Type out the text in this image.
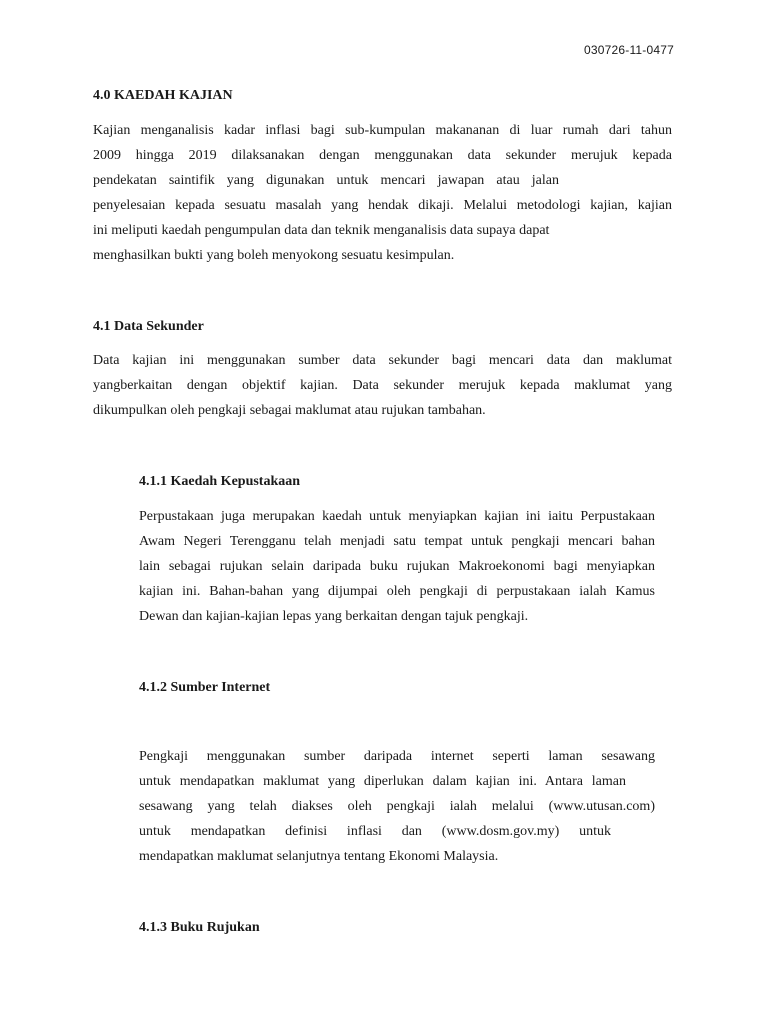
030726-11-0477
4.0 KAEDAH KAJIAN

Kajian menganalisis kadar inflasi bagi sub-kumpulan makananan di luar rumah dari tahun
2009 hingga 2019 dilaksanakan dengan menggunakan data sekunder merujuk kepada
pendekatan saintifik yang digunakan untuk mencari jawapan atau jalan
penyelesaian kepada sesuatu masalah yang hendak dikaji. Melalui metodologi kajian, kajian
ini meliputi kaedah pengumpulan data dan teknik menganalisis data supaya dapat
menghasilkan bukti yang boleh menyokong sesuatu kesimpulan.

4.1 Data Sekunder

Data kajian ini menggunakan sumber data sekunder bagi mencari data dan maklumat
yangberkaitan dengan objektif kajian. Data sekunder merujuk kepada maklumat yang
dikumpulkan oleh pengkaji sebagai maklumat atau rujukan tambahan.

4.1.1 Kaedah Kepustakaan

Perpustakaan juga merupakan kaedah untuk menyiapkan kajian ini iaitu Perpustakaan
Awam Negeri Terengganu telah menjadi satu tempat untuk pengkaji mencari bahan
lain sebagai rujukan selain daripada buku rujukan Makroekonomi bagi menyiapkan
kajian ini. Bahan-bahan yang dijumpai oleh pengkaji di perpustakaan ialah Kamus
Dewan dan kajian-kajian lepas yang berkaitan dengan tajuk pengkaji.

4.1.2 Sumber Internet

Pengkaji menggunakan sumber daripada internet seperti laman sesawang
untuk mendapatkan maklumat yang diperlukan dalam kajian ini. Antara laman
sesawang yang telah diakses oleh pengkaji ialah melalui (www.utusan.com)
untuk mendapatkan definisi inflasi dan (www.dosm.gov.my) untuk
mendapatkan maklumat selanjutnya tentang Ekonomi Malaysia.

4.1.3 Buku Rujukan
